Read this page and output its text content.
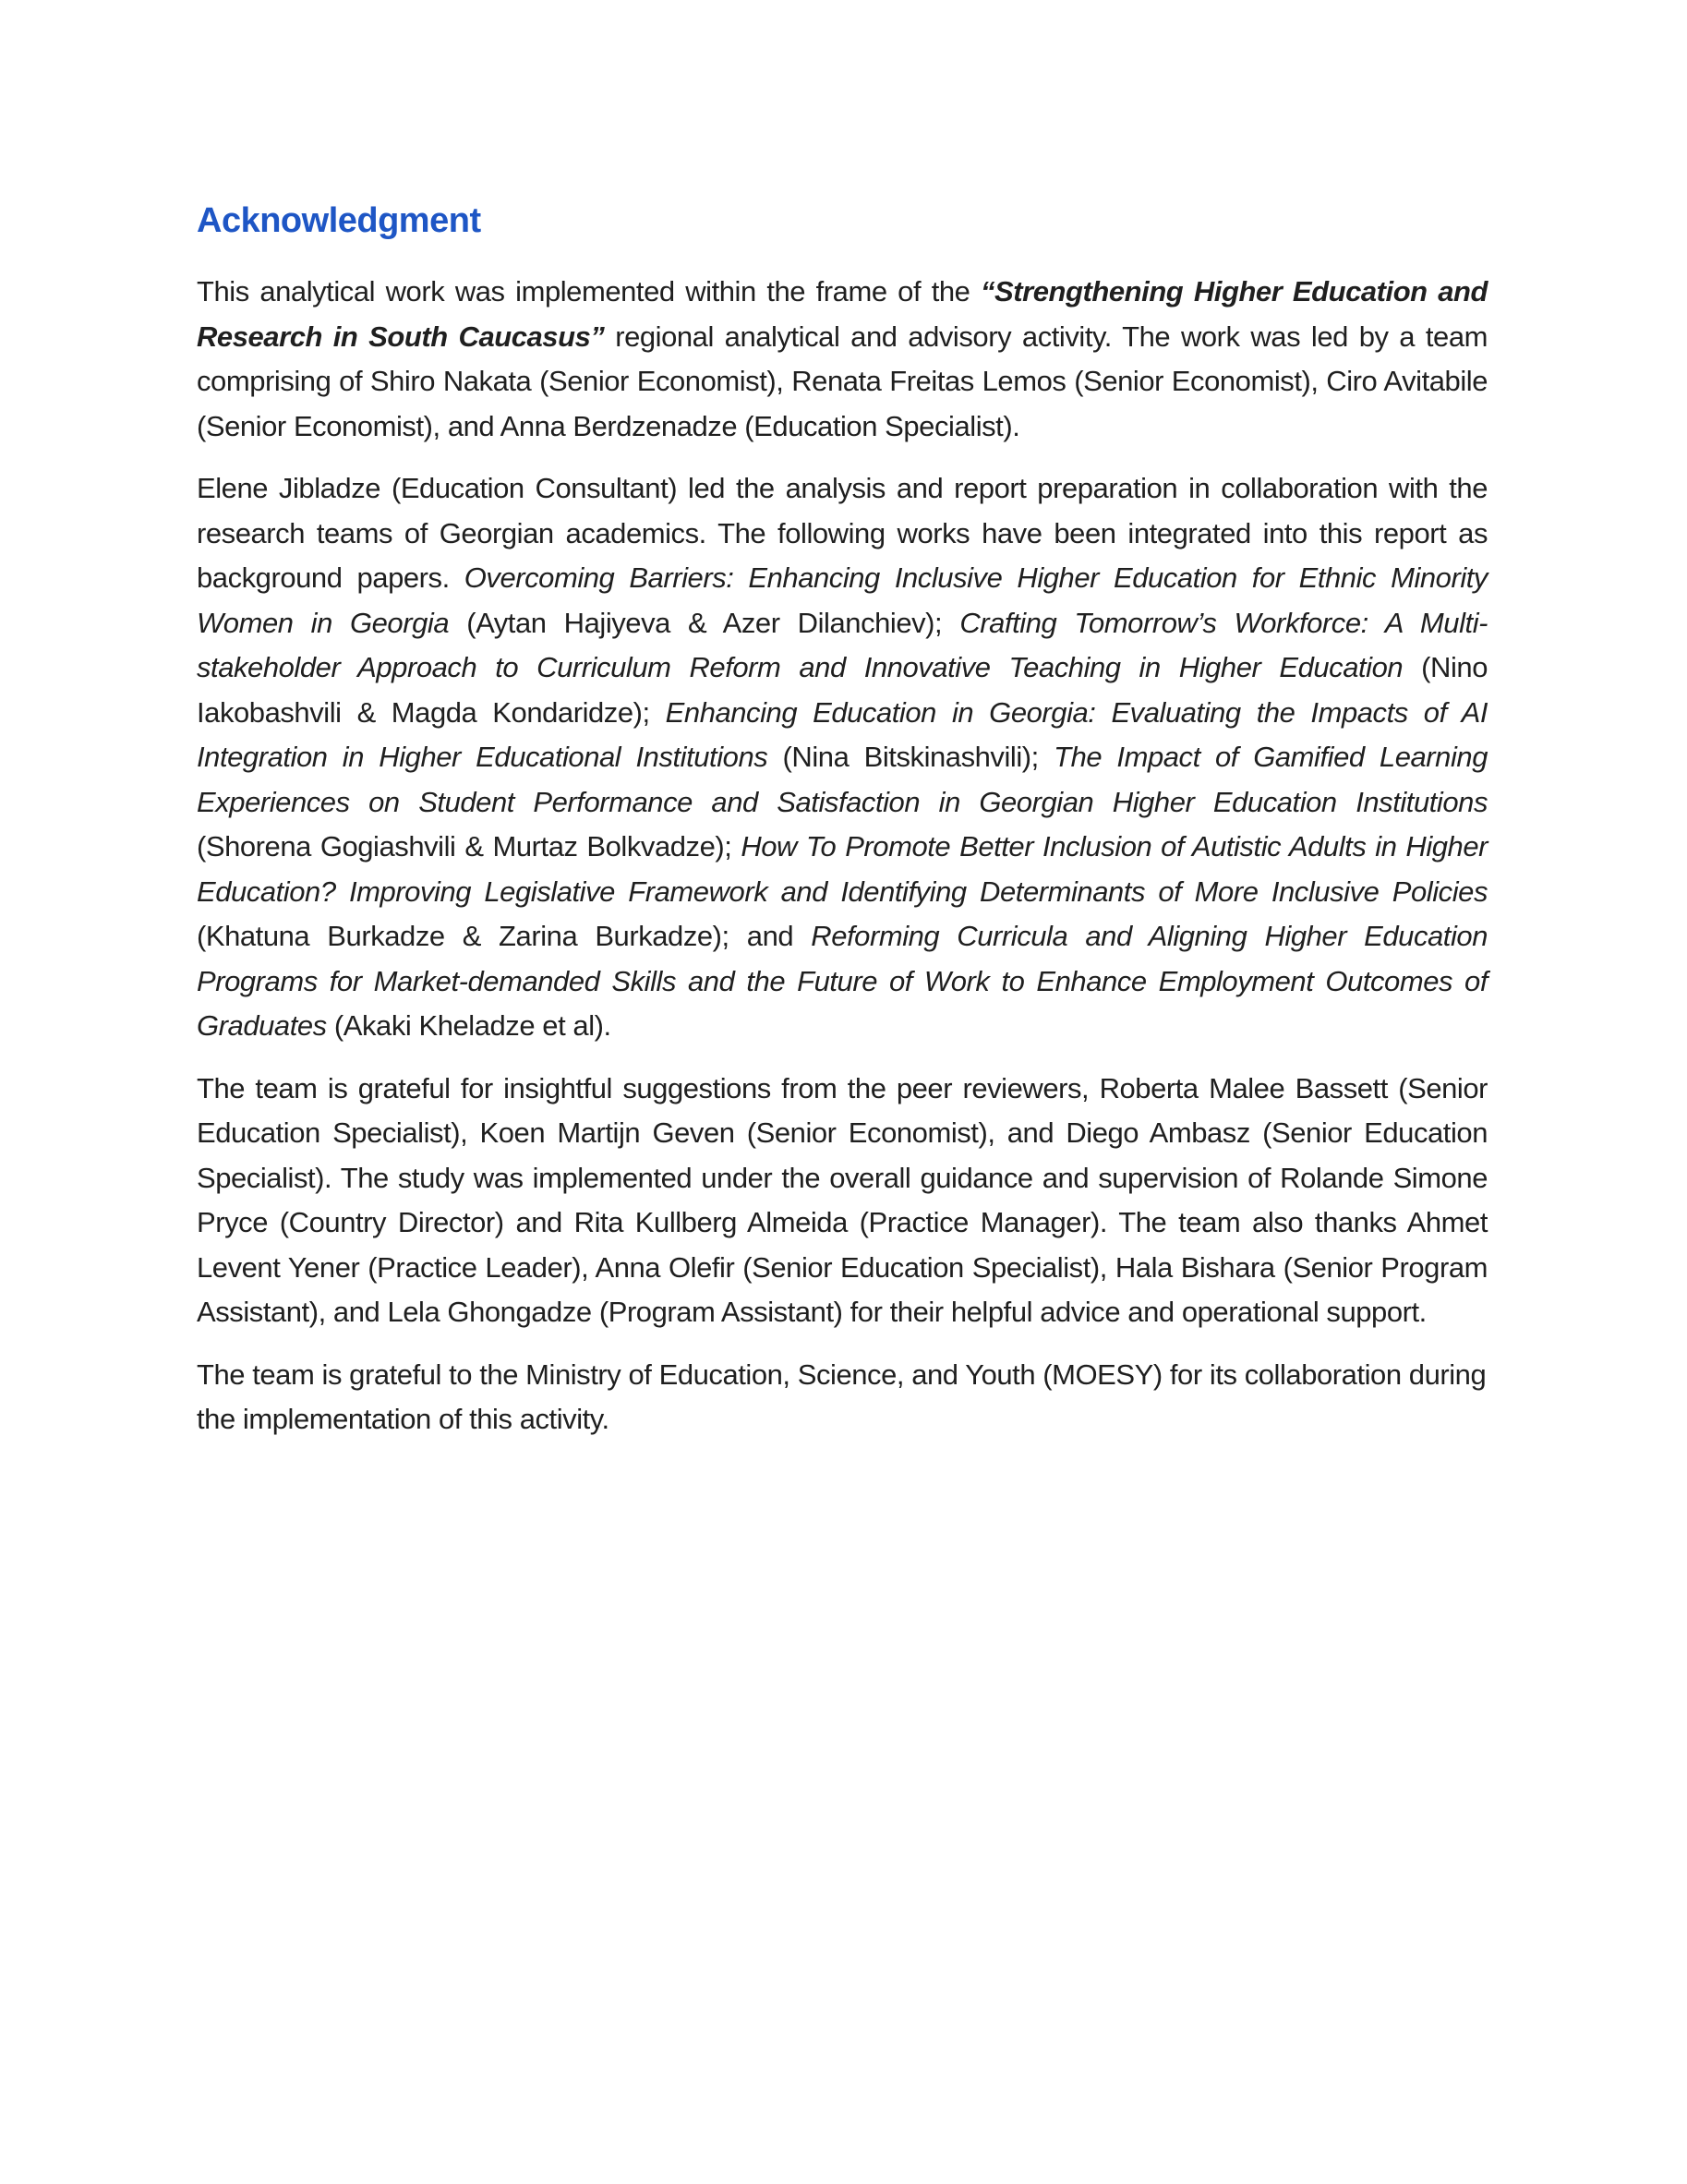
Acknowledgment

This analytical work was implemented within the frame of the “Strengthening Higher Education and Research in South Caucasus” regional analytical and advisory activity. The work was led by a team comprising of Shiro Nakata (Senior Economist), Renata Freitas Lemos (Senior Economist), Ciro Avitabile (Senior Economist), and Anna Berdzenadze (Education Specialist).

Elene Jibladze (Education Consultant) led the analysis and report preparation in collaboration with the research teams of Georgian academics. The following works have been integrated into this report as background papers. Overcoming Barriers: Enhancing Inclusive Higher Education for Ethnic Minority Women in Georgia (Aytan Hajiyeva & Azer Dilanchiev); Crafting Tomorrow’s Workforce: A Multi-stakeholder Approach to Curriculum Reform and Innovative Teaching in Higher Education (Nino Iakobashvili & Magda Kondaridze); Enhancing Education in Georgia: Evaluating the Impacts of AI Integration in Higher Educational Institutions (Nina Bitskinashvili); The Impact of Gamified Learning Experiences on Student Performance and Satisfaction in Georgian Higher Education Institutions (Shorena Gogiashvili & Murtaz Bolkvadze); How To Promote Better Inclusion of Autistic Adults in Higher Education? Improving Legislative Framework and Identifying Determinants of More Inclusive Policies (Khatuna Burkadze & Zarina Burkadze); and Reforming Curricula and Aligning Higher Education Programs for Market-demanded Skills and the Future of Work to Enhance Employment Outcomes of Graduates (Akaki Kheladze et al).

The team is grateful for insightful suggestions from the peer reviewers, Roberta Malee Bassett (Senior Education Specialist), Koen Martijn Geven (Senior Economist), and Diego Ambasz (Senior Education Specialist). The study was implemented under the overall guidance and supervision of Rolande Simone Pryce (Country Director) and Rita Kullberg Almeida (Practice Manager). The team also thanks Ahmet Levent Yener (Practice Leader), Anna Olefir (Senior Education Specialist), Hala Bishara (Senior Program Assistant), and Lela Ghongadze (Program Assistant) for their helpful advice and operational support.

The team is grateful to the Ministry of Education, Science, and Youth (MOESY) for its collaboration during the implementation of this activity.
